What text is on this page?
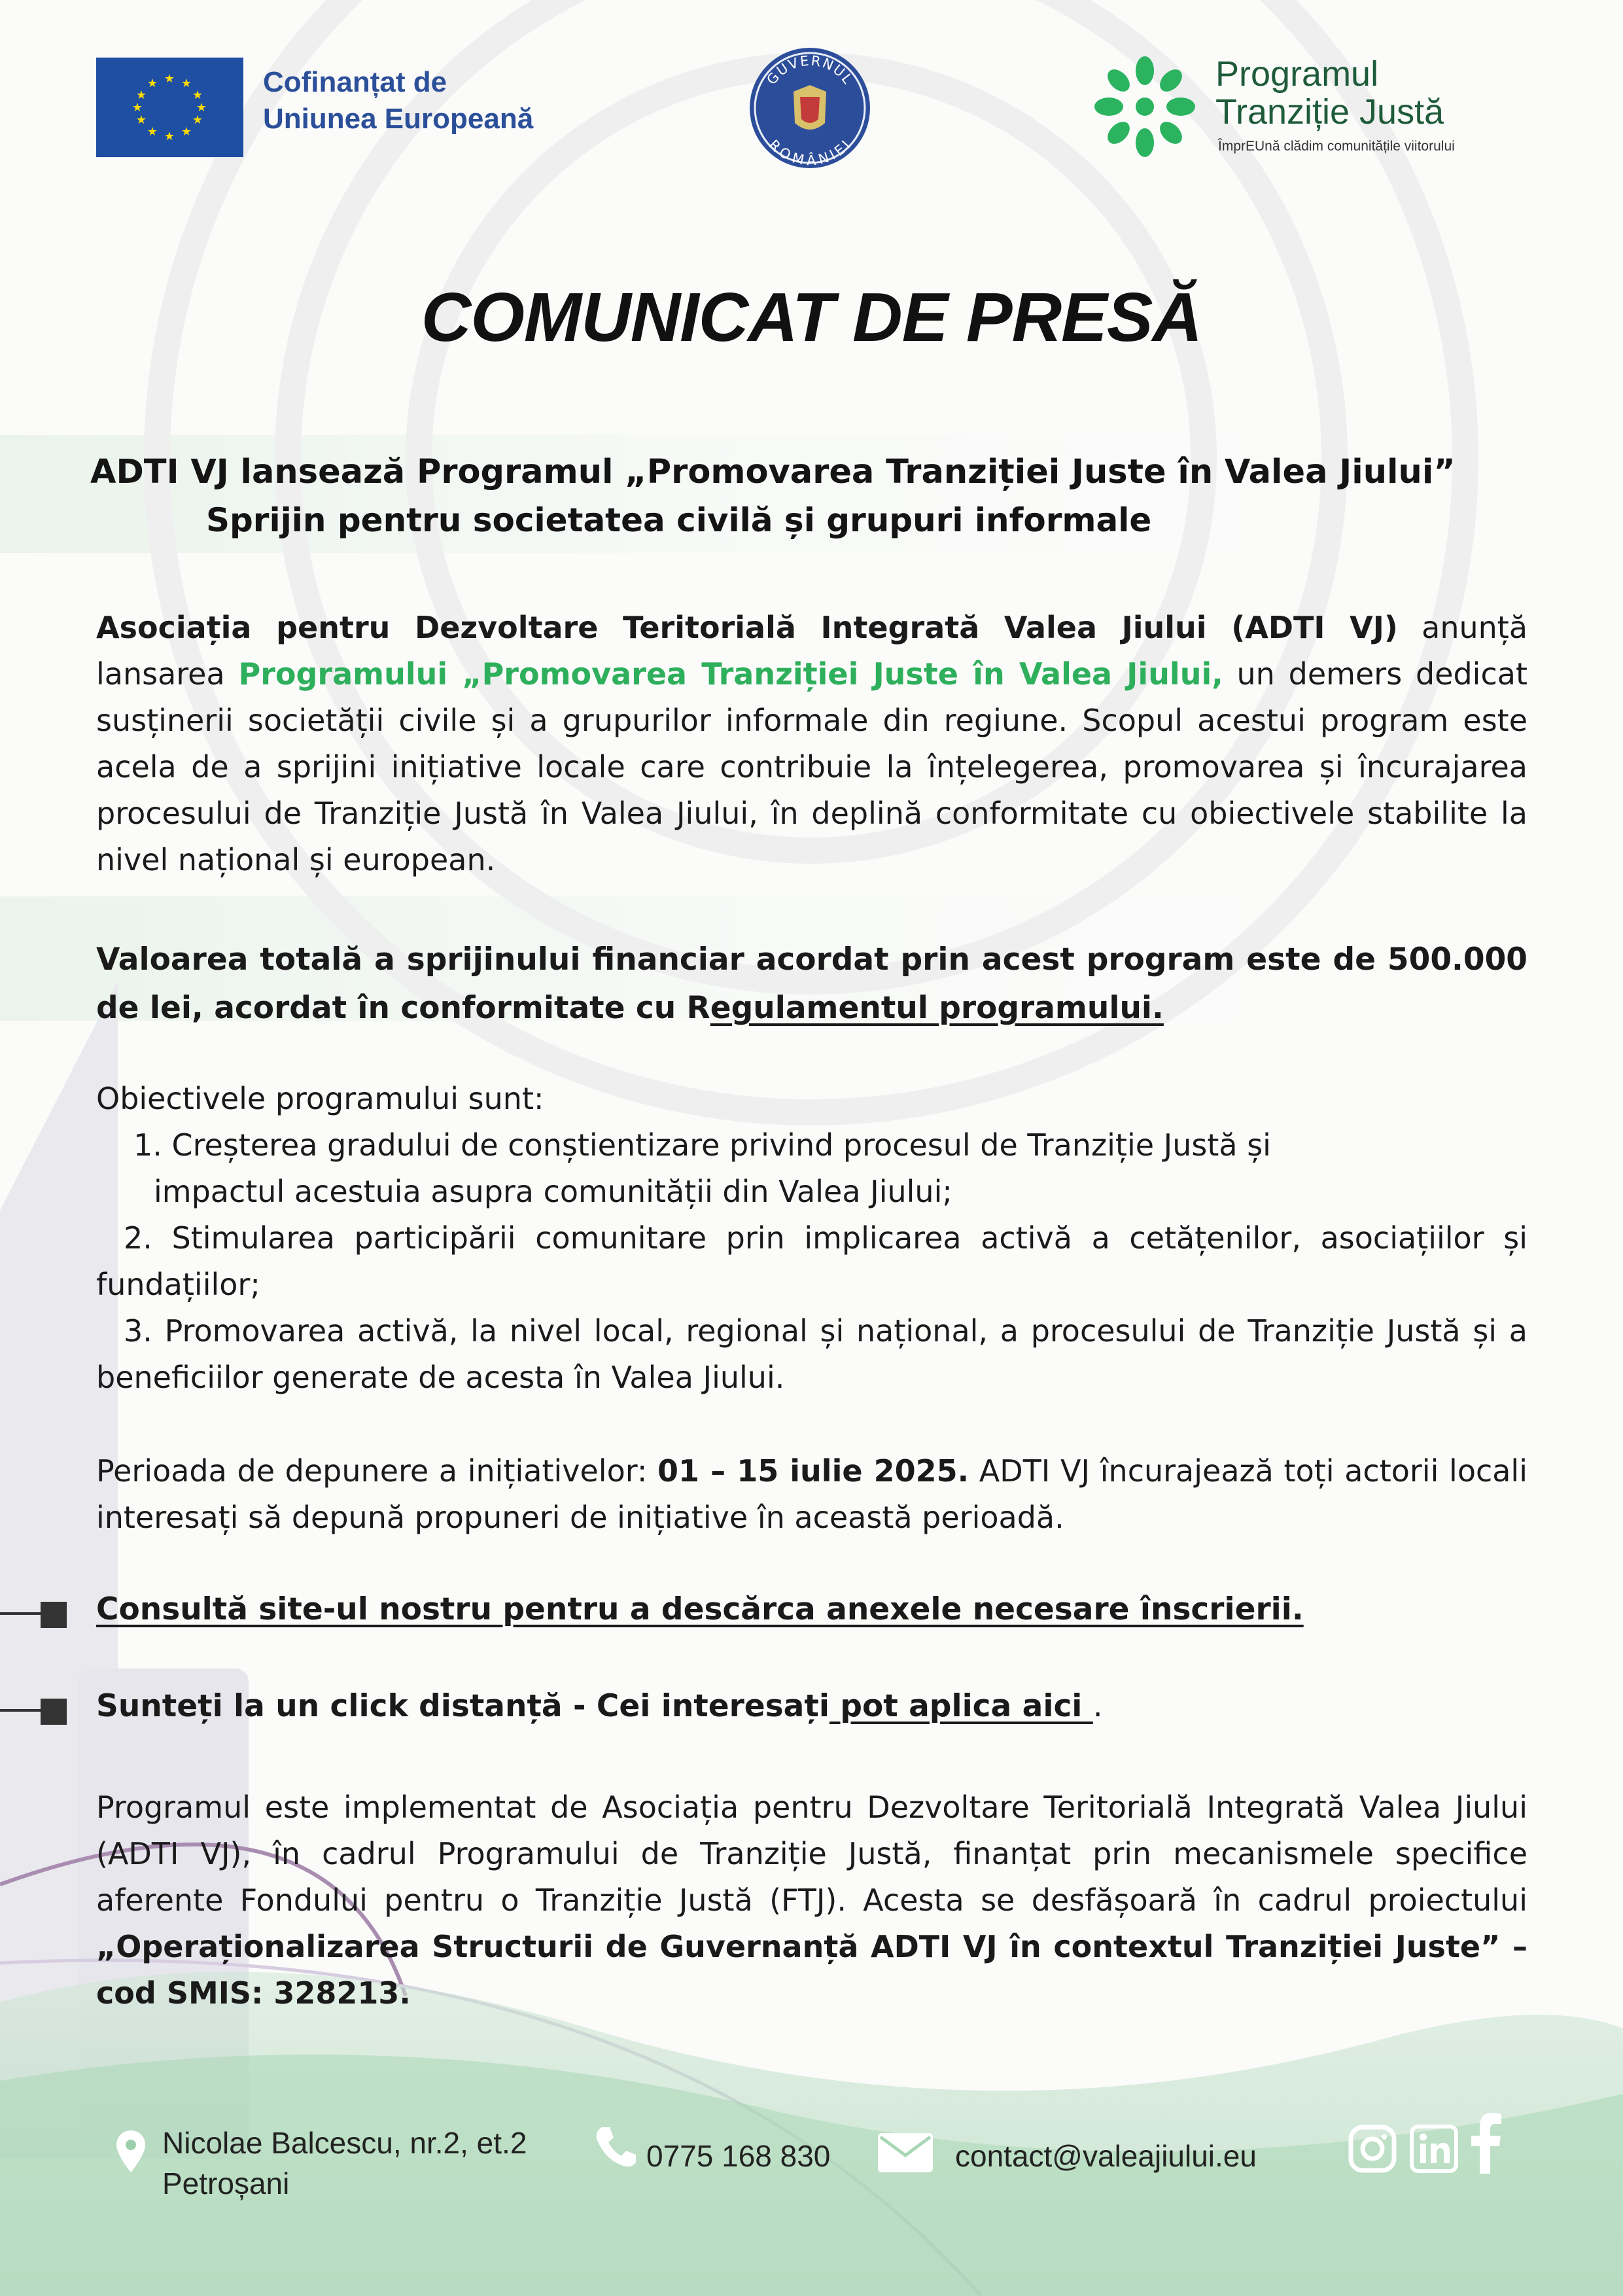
★ ★
★
★
★
★
★
★
★
★
★
★	Cofinanțat de
Uniunea Europeană
GUVERNUL
ROMÂNIEI
Programul
Tranziție Justă
ÎmprEUnă clădim comunitățile viitorului
COMUNICAT DE PRESĂ
ADTI VJ lansează Programul „Promovarea Tranziției Juste în Valea Jiului”
Sprijin pentru societatea civilă și grupuri informale
Asociația pentru Dezvoltare Teritorială Integrată Valea Jiului (ADTI VJ) anunță lansarea Programului „Promovarea Tranziției Juste în Valea Jiului, un demers dedicat susținerii societății civile și a grupurilor informale din regiune. Scopul acestui program este acela de a sprijini inițiative locale care contribuie la înțelegerea, promovarea și încurajarea procesului de Tranziție Justă în Valea Jiului, în deplină conformitate cu obiectivele stabilite la nivel național și european.
Valoarea totală a sprijinului financiar acordat prin acest program este de 500.000 de lei, acordat în conformitate cu Regulamentul programului.
Obiectivele programului sunt:
1. Creșterea gradului de conștientizare privind procesul de Tranziție Justă și
impactul acestuia asupra comunității din Valea Jiului;
2. Stimularea participării comunitare prin implicarea activă a cetățenilor, asociațiilor și fundațiilor;
3. Promovarea activă, la nivel local, regional și național, a procesului de Tranziție Justă și a beneficiilor generate de acesta în Valea Jiului.
Perioada de depunere a inițiativelor: 01 – 15 iulie 2025. ADTI VJ încurajează toți actorii locali interesați să depună propuneri de inițiative în această perioadă.
Consultă site-ul nostru pentru a descărca anexele necesare înscrierii.
Sunteți la un click distanță - Cei interesați pot aplica aici .
Programul este implementat de Asociația pentru Dezvoltare Teritorială Integrată Valea Jiului (ADTI VJ), în cadrul Programului de Tranziție Justă, finanțat prin mecanismele specifice aferente Fondului pentru o Tranziție Justă (FTJ). Acesta se desfășoară în cadrul proiectului „Operaționalizarea Structurii de Guvernanță ADTI VJ în contextul Tranziției Juste” – cod SMIS: 328213.
Nicolae Balcescu, nr.2, et.2
Petroșani
0775 168 830	contact@valeajiului.eu
